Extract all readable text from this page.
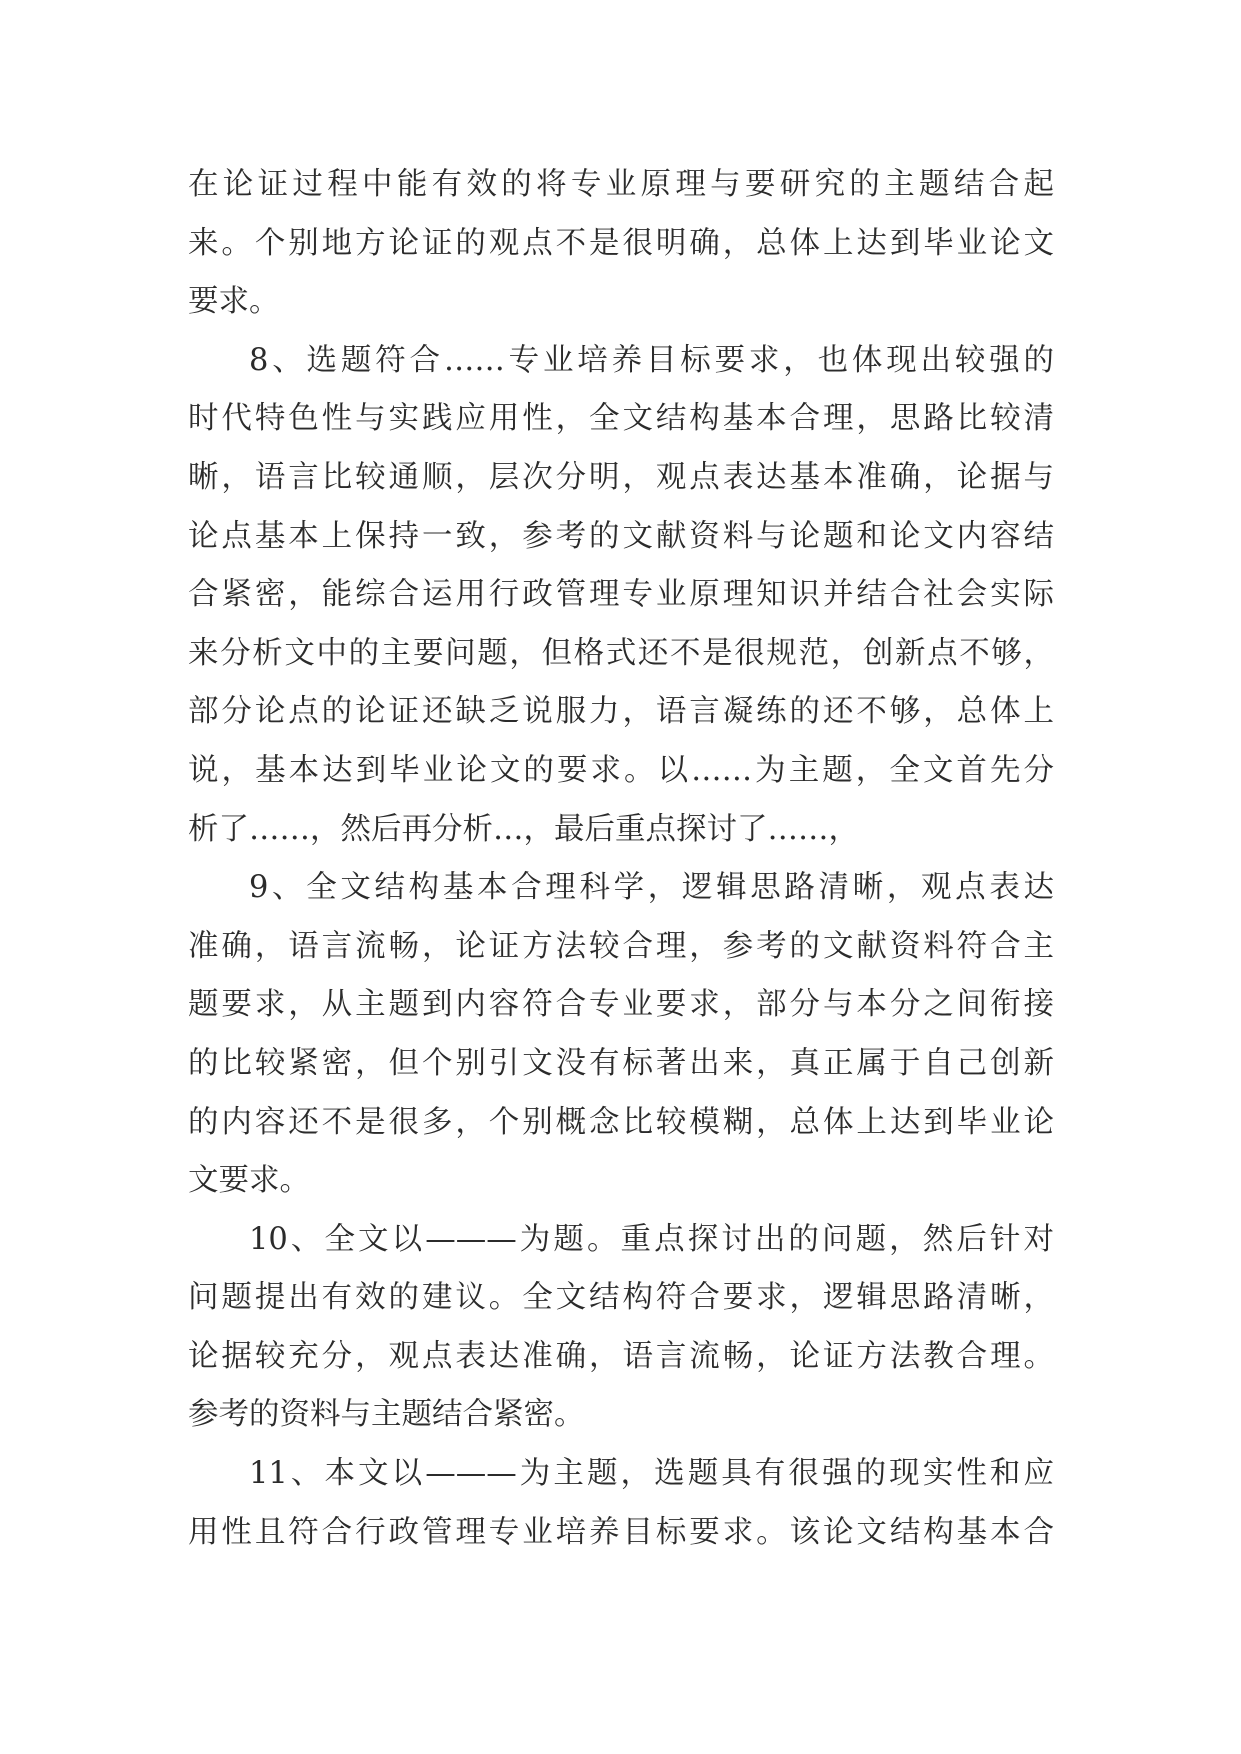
在论证过程中能有效的将专业原理与要研究的主题结合起
来。个别地方论证的观点不是很明确，总体上达到毕业论文
要求。
8、选题符合……专业培养目标要求，也体现出较强的
时代特色性与实践应用性，全文结构基本合理，思路比较清
晰，语言比较通顺，层次分明，观点表达基本准确，论据与
论点基本上保持一致，参考的文献资料与论题和论文内容结
合紧密，能综合运用行政管理专业原理知识并结合社会实际
来分析文中的主要问题，但格式还不是很规范，创新点不够，
部分论点的论证还缺乏说服力，语言凝练的还不够，总体上
说，基本达到毕业论文的要求。以……为主题，全文首先分
析了……，然后再分析…，最后重点探讨了……，
9、全文结构基本合理科学，逻辑思路清晰，观点表达
准确，语言流畅，论证方法较合理，参考的文献资料符合主
题要求，从主题到内容符合专业要求，部分与本分之间衔接
的比较紧密，但个别引文没有标著出来，真正属于自己创新
的内容还不是很多，个别概念比较模糊，总体上达到毕业论
文要求。
10、全文以———为题。重点探讨出的问题，然后针对
问题提出有效的建议。全文结构符合要求，逻辑思路清晰，
论据较充分，观点表达准确，语言流畅，论证方法教合理。
参考的资料与主题结合紧密。
11、本文以———为主题，选题具有很强的现实性和应
用性且符合行政管理专业培养目标要求。该论文结构基本合
